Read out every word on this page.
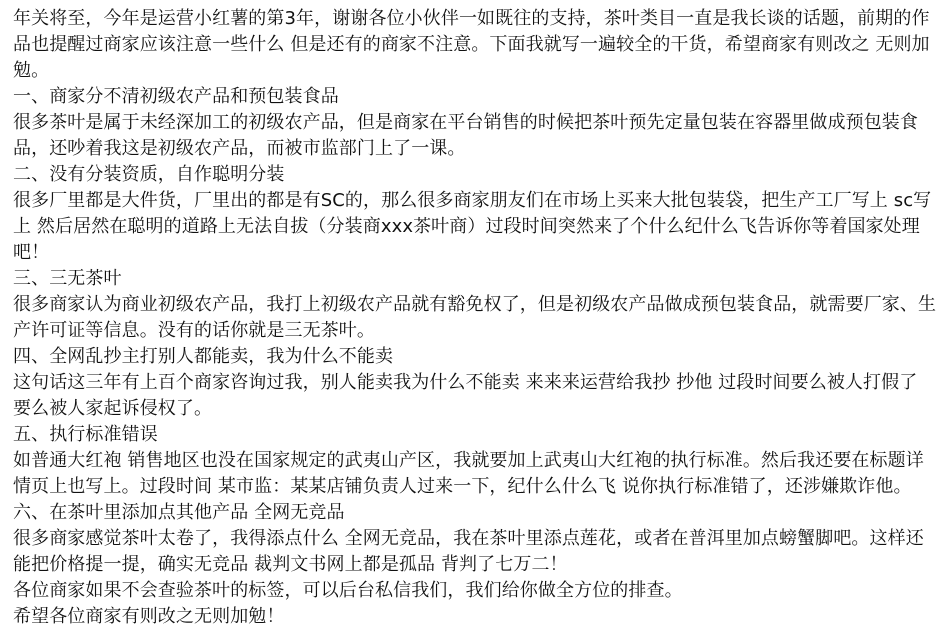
年关将至，今年是运营小红薯的第3年，谢谢各位小伙伴一如既往的支持，茶叶类目一直是我长谈的话题，前期的作品也提醒过商家应该注意一些什么 但是还有的商家不注意。下面我就写一遍较全的干货，希望商家有则改之 无则加勉。

一、商家分不清初级农产品和预包装食品

很多茶叶是属于未经深加工的初级农产品，但是商家在平台销售的时候把茶叶预先定量包装在容器里做成预包装食品，还吵着我这是初级农产品，而被市监部门上了一课。

二、没有分装资质，自作聪明分装

很多厂里都是大件货，厂里出的都是有SC的，那么很多商家朋友们在市场上买来大批包装袋，把生产工厂写上 sc写上 然后居然在聪明的道路上无法自拔（分装商xxx茶叶商）过段时间突然来了个什么纪什么飞告诉你等着国家处理吧！

三、三无茶叶

很多商家认为商业初级农产品，我打上初级农产品就有豁免权了，但是初级农产品做成预包装食品，就需要厂家、生产许可证等信息。没有的话你就是三无茶叶。

四、全网乱抄主打别人都能卖，我为什么不能卖

这句话这三年有上百个商家咨询过我，别人能卖我为什么不能卖 来来来运营给我抄 抄他 过段时间要么被人打假了 要么被人家起诉侵权了。

五、执行标准错误

如普通大红袍 销售地区也没在国家规定的武夷山产区，我就要加上武夷山大红袍的执行标准。然后我还要在标题详情页上也写上。过段时间 某市监：某某店铺负责人过来一下，纪什么什么飞 说你执行标准错了，还涉嫌欺诈他。

六、在茶叶里添加点其他产品 全网无竞品

很多商家感觉茶叶太卷了，我得添点什么 全网无竞品，我在茶叶里添点莲花，或者在普洱里加点螃蟹脚吧。这样还能把价格提一提，确实无竞品 裁判文书网上都是孤品 背判了七万二！

各位商家如果不会查验茶叶的标签，可以后台私信我们，我们给你做全方位的排查。

希望各位商家有则改之无则加勉！
